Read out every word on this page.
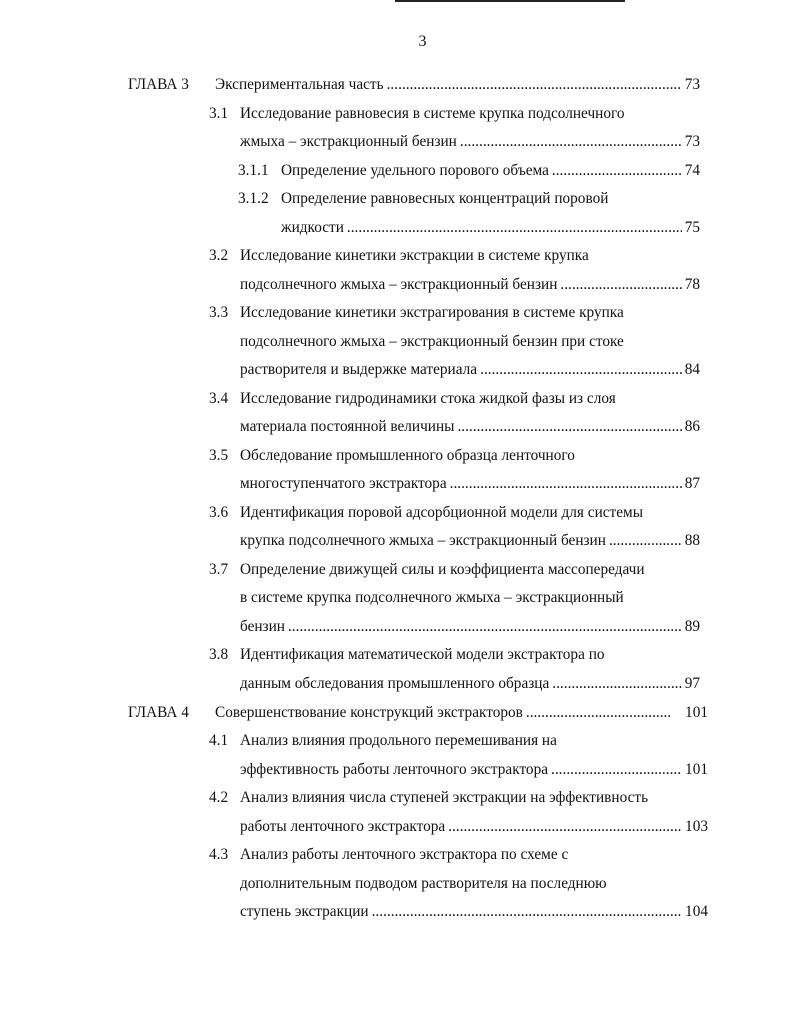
3
ГЛАВА 3 Экспериментальная часть .....	73
3.1 Исследование равновесия в системе крупка подсолнечного
жмыха – экстракционный бензин .....	73
3.1.1 Определение удельного порового объема .....	74
3.1.2 Определение равновесных концентраций поровой
жидкости .....	75
3.2 Исследование кинетики экстракции в системе крупка
подсолнечного жмыха – экстракционный бензин .....	78
3.3 Исследование кинетики экстрагирования в системе крупка
подсолнечного жмыха – экстракционный бензин при стоке
растворителя и выдержке материала .....	84
3.4 Исследование гидродинамики стока жидкой фазы из слоя
материала постоянной величины .....	86
3.5 Обследование промышленного образца ленточного
многоступенчатого экстрактора .....	87
3.6 Идентификация поровой адсорбционной модели для системы
крупка подсолнечного жмыха – экстракционный бензин .....	88
3.7 Определение движущей силы и коэффициента массопередачи
в системе крупка подсолнечного жмыха – экстракционный
бензин .....	89
3.8 Идентификация математической модели экстрактора по
данным обследования промышленного образца .....	97
ГЛАВА 4 Совершенствование конструкций экстракторов .....	101
4.1 Анализ влияния продольного перемешивания на
эффективность работы ленточного экстрактора .....	101
4.2 Анализ влияния числа ступеней экстракции на эффективность
работы ленточного экстрактора .....	103
4.3 Анализ работы ленточного экстрактора по схеме с
дополнительным подводом растворителя на последнюю
ступень экстракции .....	104
